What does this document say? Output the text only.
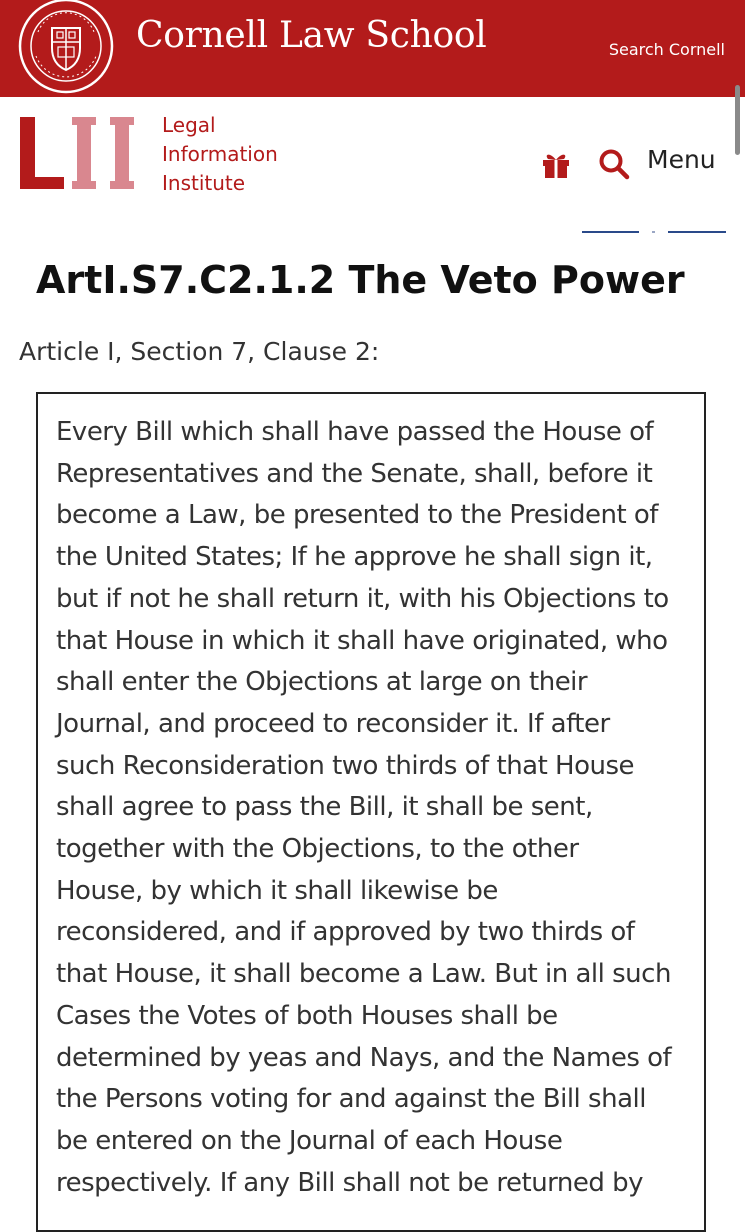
Cornell Law School	Search Cornell
Legal
Information
Institute
Menu
ArtI.S7.C2.1.2 The Veto Power
Article I, Section 7, Clause 2:
Every Bill which shall have passed the House of
Representatives and the Senate, shall, before it
become a Law, be presented to the President of
the United States; If he approve he shall sign it,
but if not he shall return it, with his Objections to
that House in which it shall have originated, who
shall enter the Objections at large on their
Journal, and proceed to reconsider it. If after
such Reconsideration two thirds of that House
shall agree to pass the Bill, it shall be sent,
together with the Objections, to the other
House, by which it shall likewise be
reconsidered, and if approved by two thirds of
that House, it shall become a Law. But in all such
Cases the Votes of both Houses shall be
determined by yeas and Nays, and the Names of
the Persons voting for and against the Bill shall
be entered on the Journal of each House
respectively. If any Bill shall not be returned by
